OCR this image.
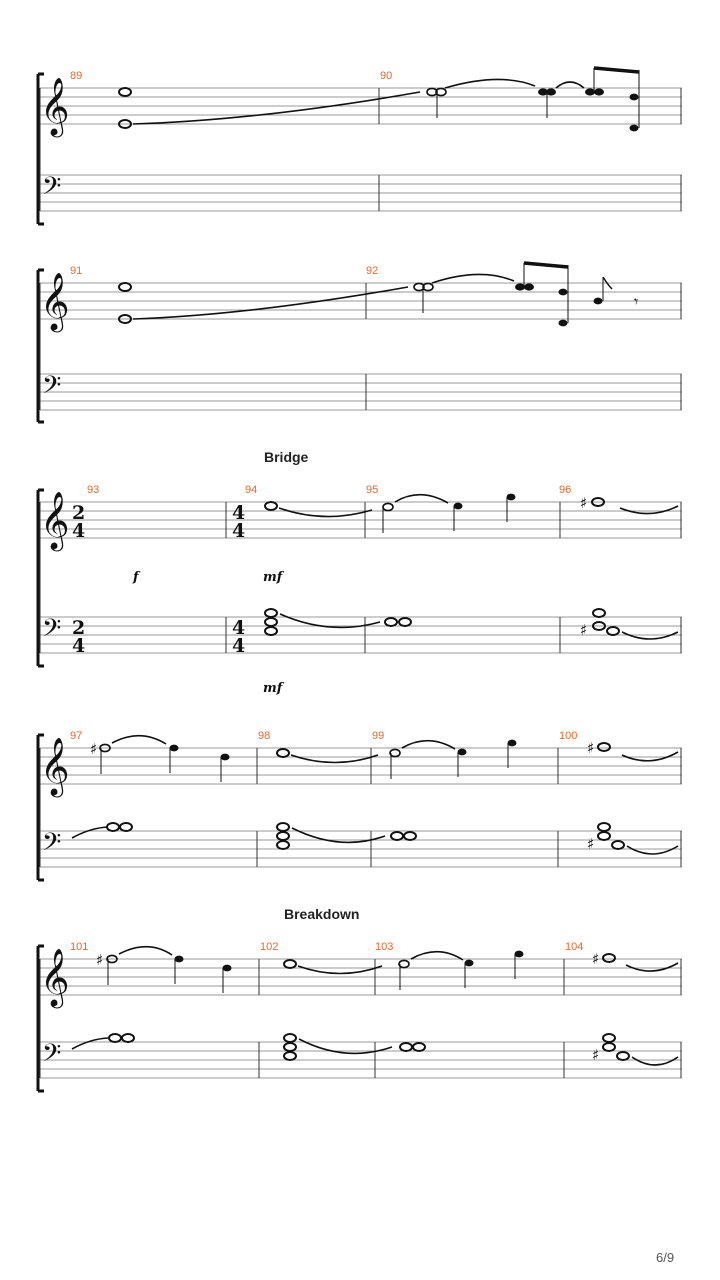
𝄞
𝄢
89	90
𝄞
𝄢
91	92
𝄾
Bridge
𝄞
𝄢
2
4
2
4
4
4
4
4
93	94	95	96
f	mf
mf
♯
♯
𝄞
𝄢
97	98	99	100
♯	♯
♯
Breakdown
𝄞
𝄢
101	102	103	104
♯	♯
♯
6/9
